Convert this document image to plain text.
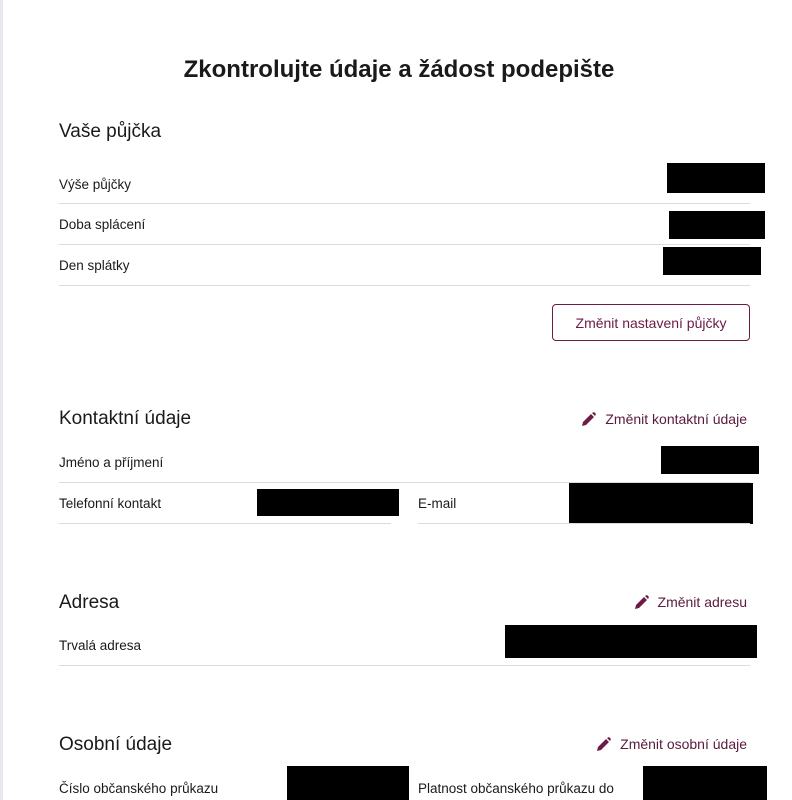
Zkontrolujte údaje a žádost podepište
Vaše půjčka
Výše půjčky
Doba splácení
Den splátky
Změnit nastavení půjčky
Kontaktní údaje	Změnit kontaktní údaje
Jméno a příjmení
Telefonní kontakt	E-mail
Adresa	Změnit adresu
Trvalá adresa
Osobní údaje	Změnit osobní údaje
Číslo občanského průkazu	Platnost občanského průkazu do
